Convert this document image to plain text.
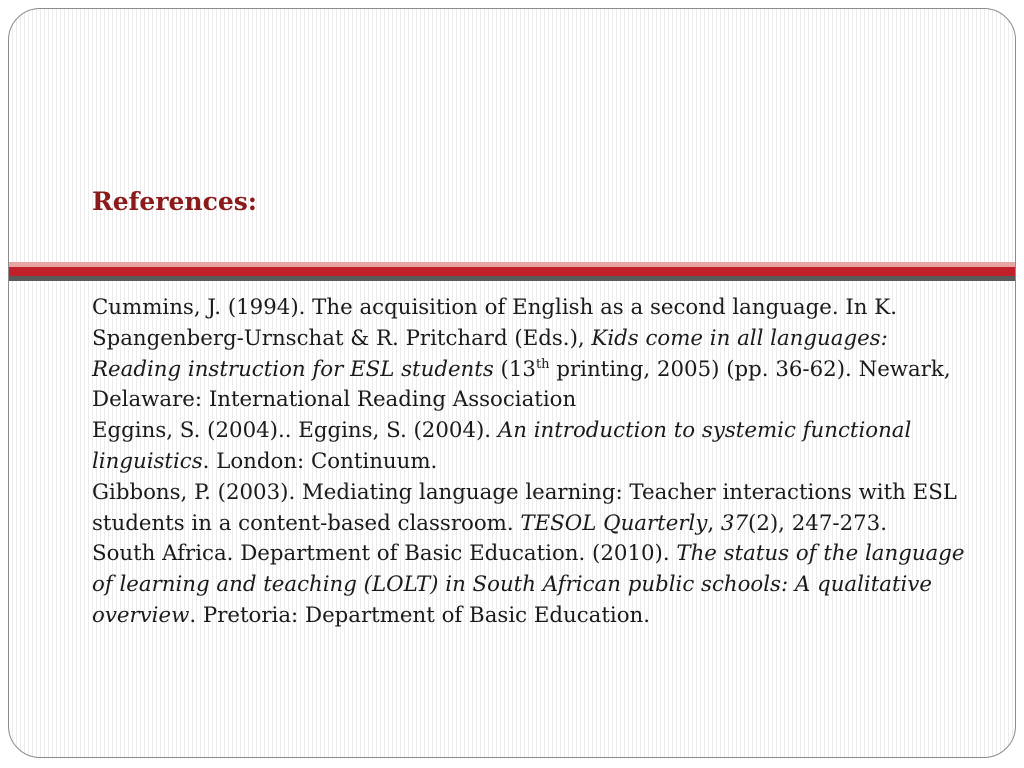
References:

Cummins, J. (1994). The acquisition of English as a second language. In K. Spangenberg-Urnschat & R. Pritchard (Eds.), Kids come in all languages: Reading instruction for ESL students (13th printing, 2005) (pp. 36-62). Newark, Delaware: International Reading Association

Eggins, S. (2004).. Eggins, S. (2004). An introduction to systemic functional linguistics. London: Continuum.

Gibbons, P. (2003). Mediating language learning: Teacher interactions with ESL students in a content-based classroom. TESOL Quarterly, 37(2), 247-273.

South Africa. Department of Basic Education. (2010). The status of the language of learning and teaching (LOLT) in South African public schools: A qualitative overview. Pretoria: Department of Basic Education.
